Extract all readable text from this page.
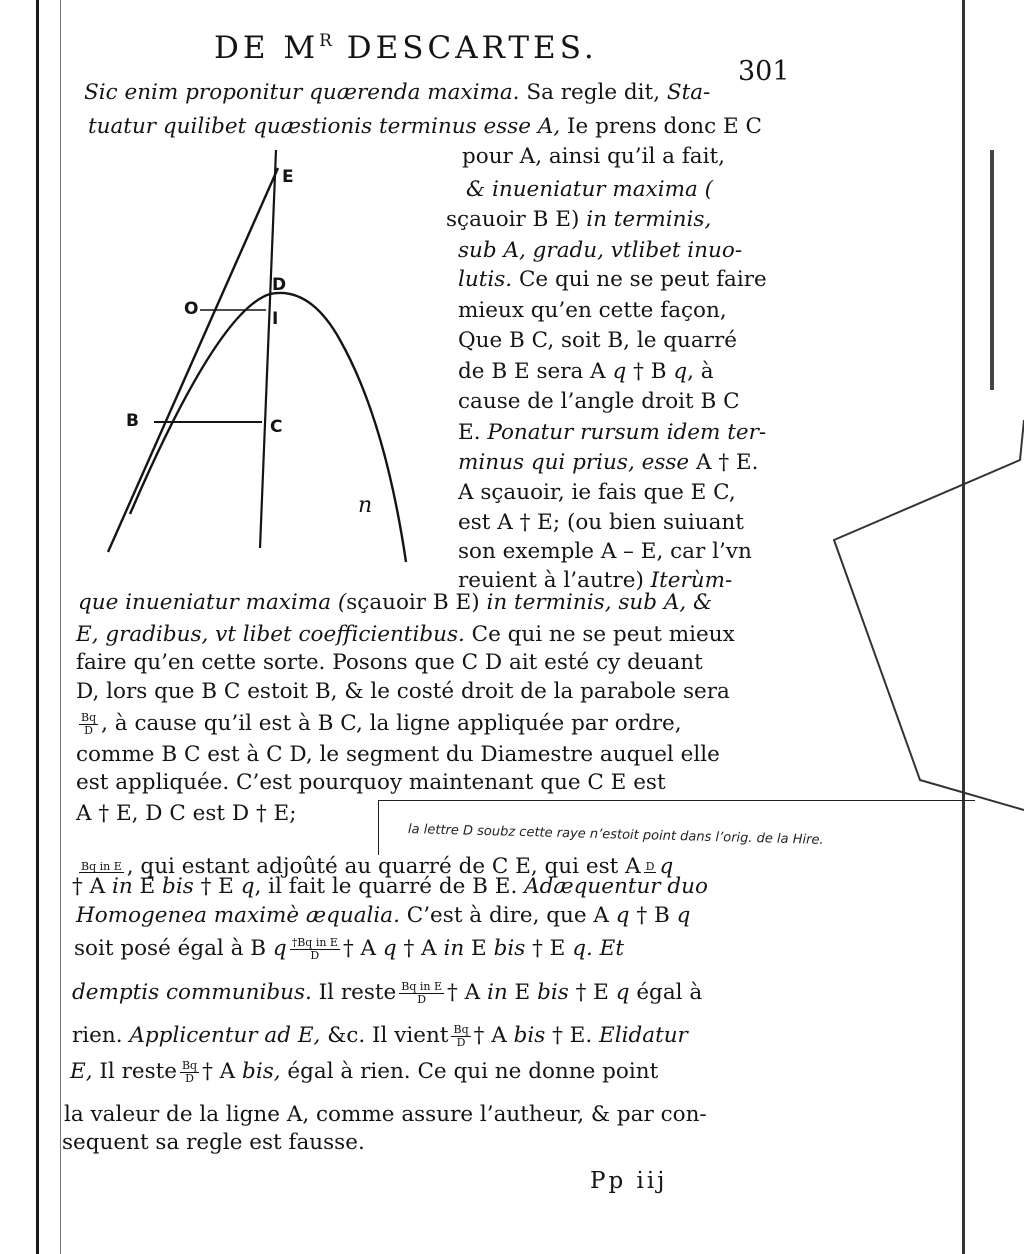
DE $M^R$ DESCARTES.
301
E
D
O	I
B	C
n
Sic enim proponitur quærenda maxima. Sa regle dit, Sta-
tuatur quilibet quæstionis terminus esse A, Ie prens donc E C
pour A, ainsi qu’il a fait,
& inueniatur maxima (
sçauoir B E) in terminis,
sub A, gradu, vtlibet inuo-
lutis. Ce qui ne se peut faire
mieux qu’en cette façon,
Que B C, soit B, le quarré
de B E sera A q † B q, à
cause de l’angle droit B C
E. Ponatur rursum idem ter-
minus qui prius, esse A † E.
A sçauoir, ie fais que E C,
est A † E; (ou bien suiuant
son exemple A – E, car l’vn
reuient à l’autre) Iterùm-
que inueniatur maxima (sçauoir B E) in terminis, sub A, &
E, gradibus, vt libet coefficientibus. Ce qui ne se peut mieux
faire qu’en cette sorte. Posons que C D ait esté cy deuant
D, lors que B C estoit B, & le costé droit de la parabole sera
$\frac{Bq}{D}$ , à cause qu’il est à B C, la ligne appliquée par ordre,
comme B C est à C D, le segment du Diamestre auquel elle
est appliquée. C’est pourquoy maintenant que C E est
A † E, D C est D † E;
la lettre D soubz cette raye n’estoit point dans l’orig. de la Hire.
Bq in E , qui estant adjoûté au quarré de C E, qui est A D q
† A in E bis † E q, il fait le quarré de B E. Adæquentur duo
Homogenea maximè æqualia. C’est à dire, que A q † B q
soit posé égal à B q $\frac{\text{†Bq in E}}{D}$ † A q † A in E bis † E q. Et
demptis communibus. Il reste $\frac{\text{Bq in E}}{D}$ † A in E bis † E q égal à
rien. Applicentur ad E, &c. Il vient $\frac{Bq}{D}$ † A bis † E. Elidatur
E, Il reste $\frac{Bq}{D}$ † A bis, égal à rien. Ce qui ne donne point
la valeur de la ligne A, comme assure l’autheur, & par con-
sequent sa regle est fausse.
Pp iij
